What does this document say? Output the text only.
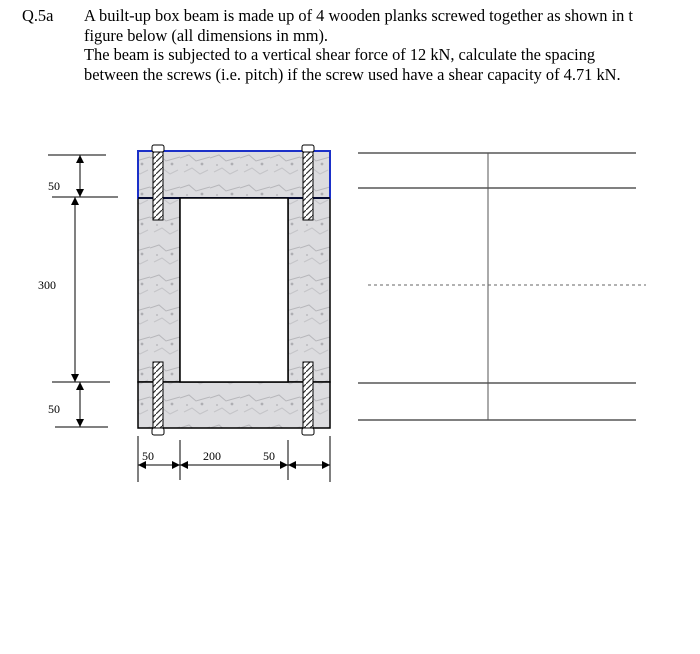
Q.5a A built-up box beam is made up of 4 wooden planks screwed together as shown in t
figure below (all dimensions in mm).
The beam is subjected to a vertical shear force of 12 kN, calculate the spacing
between the screws (i.e. pitch) if the screw used have a shear capacity of 4.71 kN.
50
300
50
50	200	50
